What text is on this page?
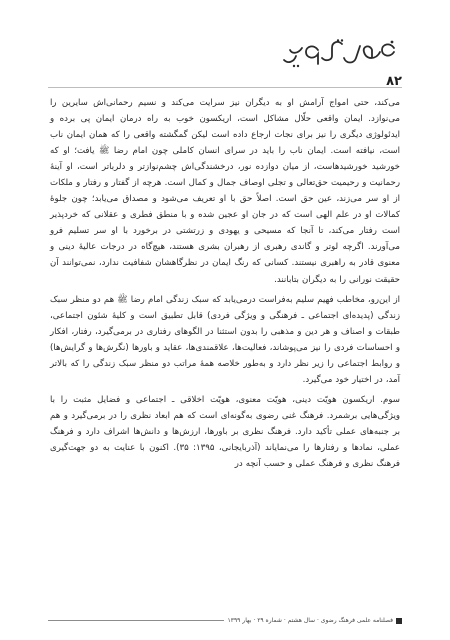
۸۲

می‌کند، حتی امواج آرامش او به دیگران نیز سرایت می‌کند و نسیم رحمانی‌اش سایرین را می‌نوازد. ایمان واقعی حلّال مشاکل است، اریکسون خوب به راه درمان ایمان پی برده و ایدئولوژی دیگری را نیز برای نجات ارجاع داده است لیکن گمگشته واقعی را که همان ایمان ناب است، نیافته است. ایمان ناب را باید در سرای انسان کاملی چون امام رضا ﷺ یافت؛ او که خورشید خورشیدهاست، از میان دوازده نور، درخشندگی‌اش چشم‌نوازتر و دلرباتر است، او آینهٔ رحمانیت و رحیمیت حق‌تعالی و تجلی اوصاف جمال و کمال است. هرچه از گفتار و رفتار و ملکات از او سر می‌زند، عین حق است. اصلاً حق با او تعریف می‌شود و مصداق می‌یابد؛ چون جلوهٔ کمالات او در علم الهی است که در جان او عجین شده و با منطق فطری و عقلانی که خردپذیر است رفتار می‌کند، تا آنجا که مسیحی و یهودی و زرتشتی در برخورد با او سر تسلیم فرو می‌آورند. اگرچه لوتر و گاندی رهبری از رهبران بشری هستند، هیچ‌گاه در درجات عالیهٔ دینی و معنوی قادر به راهبری نیستند. کسانی که رنگ ایمان در نظرگاهشان شفافیت ندارد، نمی‌توانند آن حقیقت نورانی را به دیگران بتابانند.

از این‌رو، مخاطب فهیم سلیم به‌فراست درمی‌یابد که سبک زندگی امام رضا ﷺ هم دو منظر سبک زندگی (پدیده‌ای اجتماعی ـ فرهنگی و ویژگی فردی) قابل تطبیق است و کلیهٔ شئون اجتماعی، طبقات و اصناف و هر دین و مذهبی را بدون استثنا در الگوهای رفتاری در برمی‌گیرد، رفتار، افکار و احساسات فردی را نیز می‌پوشاند، فعالیت‌ها، علاقمندی‌ها، عقاید و باورها (نگرش‌ها و گرایش‌ها) و روابط اجتماعی را زیر نظر دارد و به‌طور خلاصه همهٔ مراتب دو منظر سبک زندگی را که بالاتر آمد، در اختیار خود می‌گیرد.

سوم. اریکسون هویّت دینی، هویّت معنوی، هویّت اخلاقی ـ اجتماعی و فضایل مثبت را با ویژگی‌هایی برشمرد. فرهنگ غنی رضوی به‌گونه‌ای است که هم ابعاد نظری را در برمی‌گیرد و هم بر جنبه‌های عملی تأکید دارد. فرهنگ نظری بر باورها، ارزش‌ها و دانش‌ها اشراف دارد و فرهنگ عملی، نمادها و رفتارها را می‌نمایاند (آذربایجانی، ۱۳۹۵: ۳۵). اکنون با عنایت به دو جهت‌گیری فرهنگ نظری و فرهنگ عملی و حسب آنچه در

فصلنامه علمی فرهنگ رضوی · سال هشتم · شماره ۲۹ · بهار ۱۳۹۹
